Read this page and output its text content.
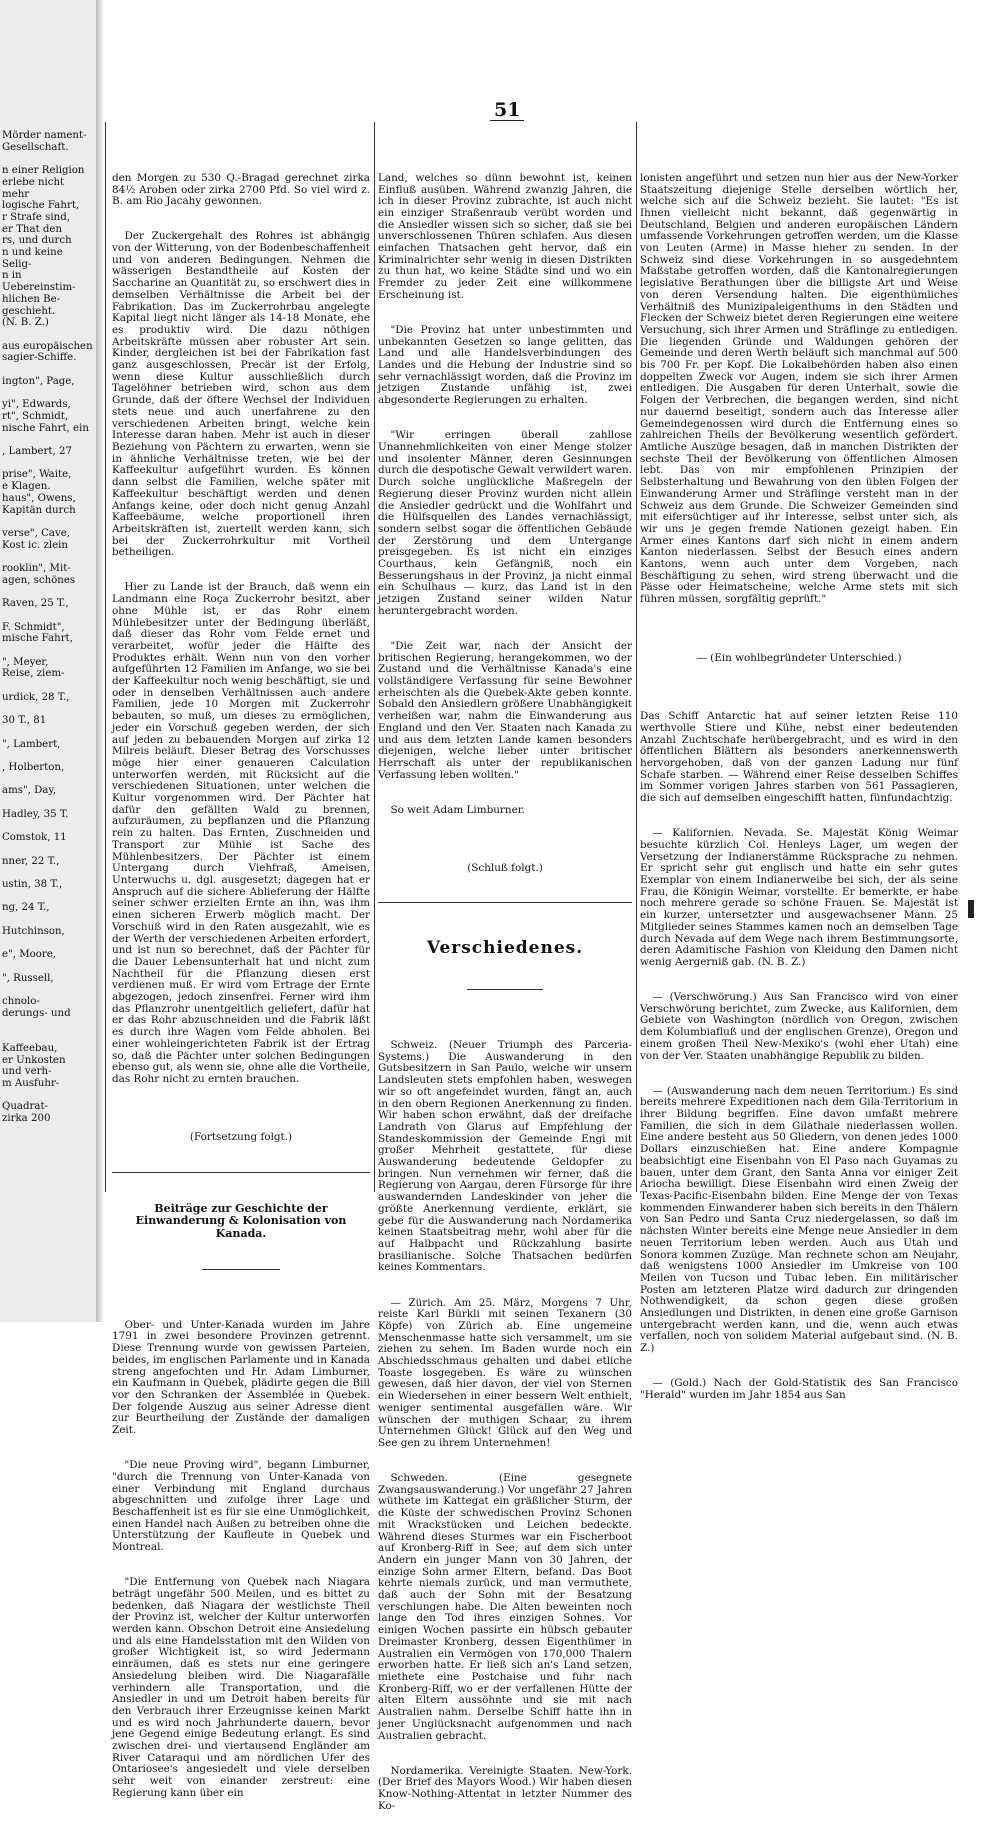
51

Mörder nament-

Gesellschaft.

n einer Religion

erlebe nicht mehr

logische Fahrt,

r Strafe sind,

er That den

rs, und durch

n und keine Selig-

n in Uebereinstim-

hlichen Be-

geschieht.

(N. B. Z.)

aus europäischen

sagier-Schiffe.

ington", Page,

yi", Edwards,

rt", Schmidt,

nische Fahrt, ein

, Lambert, 27

prise", Waite,

e Klagen.

haus", Owens,

Kapitän durch

verse", Cave,

Kost ic. zlein

rooklin", Mit-

agen, schönes

Raven, 25 T.,

F. Schmidt",

mische Fahrt,

", Meyer,

Reise, ziem-

urdick, 28 T.,

30 T., 81

", Lambert,

, Holberton,

ams", Day,

Hadley, 35 T.

Comstok, 11

nner, 22 T.,

ustin, 38 T.,

ng, 24 T.,

Hutchinson,

e", Moore,

", Russell,

chnolo-

derungs- und

Kaffeebau,

er Unkosten

und verh-

m Ausfuhr-

Quadrat-

zirka 200

den Morgen zu 530 Q.-Bragad gerechnet zirka 84½ Aroben oder zirka 2700 Pfd. So viel wird z. B. am Rio Jacahy gewonnen.

Der Zuckergehalt des Rohres ist abhängig von der Witterung, von der Bodenbeschaffenheit und von anderen Bedingungen. Nehmen die wässerigen Bestandtheile auf Kosten der Saccharine an Quantität zu, so erschwert dies in demselben Verhältnisse die Arbeit bei der Fabrikation. Das im Zuckerrohrbau angelegte Kapital liegt nicht länger als 14-18 Monate, ehe es produktiv wird. Die dazu nöthigen Arbeitskräfte müssen aber robuster Art sein. Kinder, dergleichen ist bei der Fabrikation fast ganz ausgeschlossen, Precär ist der Erfolg, wenn diese Kultur ausschließlich durch Tagelöhner betrieben wird, schon aus dem Grunde, daß der öftere Wechsel der Individuen stets neue und auch unerfahrene zu den verschiedenen Arbeiten bringt, welche kein Interesse daran haben. Mehr ist auch in dieser Beziehung von Pächtern zu erwarten, wenn sie in ähnliche Verhältnisse treten, wie bei der Kaffeekultur aufgeführt wurden. Es können dann selbst die Familien, welche später mit Kaffeekultur beschäftigt werden und denen Anfangs keine, oder doch nicht genug Anzahl Kaffeebäume, welche proportionell ihren Arbeitskräften ist, zuerteilt werden kann, sich bei der Zuckerrohrkultur mit Vortheil betheiligen.

Hier zu Lande ist der Brauch, daß wenn ein Landmann eine Roça Zuckerrohr besitzt, aber ohne Mühle ist, er das Rohr einem Mühlebesitzer unter der Bedingung überläßt, daß dieser das Rohr vom Felde ernet und verarbeitet, wofür jeder die Hälfte des Produktes erhält. Wenn nun von den vorher aufgeführten 12 Familien im Anfange, wo sie bei der Kaffeekultur noch wenig beschäftigt, sie und oder in denselben Verhältnissen auch andere Familien, jede 10 Morgen mit Zuckerrohr bebauten, so muß, um dieses zu ermöglichen, jeder ein Vorschuß gegeben werden, der sich auf jeden zu bebauenden Morgen auf zirka 12 Milreis beläuft. Dieser Betrag des Vorschusses möge hier einer genaueren Calculation unterworfen werden, mit Rücksicht auf die verschiedenen Situationen, unter welchen die Kultur vorgenommen wird. Der Pächter hat dafür den gefällten Wald zu brennen, aufzuräumen, zu bepflanzen und die Pflanzung rein zu halten. Das Ernten, Zuschneiden und Transport zur Mühle ist Sache des Mühlenbesitzers. Der Pächter ist einem Untergang durch Viehfraß, Ameisen, Unterwuchs u. dgl. ausgesetzt; dagegen hat er Anspruch auf die sichere Ablieferung der Hälfte seiner schwer erzielten Ernte an ihn, was ihm einen sicheren Erwerb möglich macht. Der Vorschuß wird in den Raten ausgezahlt, wie es der Werth der verschiedenen Arbeiten erfordert, und ist nun so berechnet, daß der Pächter für die Dauer Lebensunterhalt hat und nicht zum Nachtheil für die Pflanzung diesen erst verdienen muß. Er wird vom Ertrage der Ernte abgezogen, jedoch zinsenfrei. Ferner wird ihm das Pflanzrohr unentgeltlich geliefert, dafür hat er das Rohr abzuschneiden und die Fabrik läßt es durch ihre Wagen vom Felde abholen. Bei einer wohleingerichteten Fabrik ist der Ertrag so, daß die Pächter unter solchen Bedingungen ebenso gut, als wenn sie, ohne alle die Vortheile, das Rohr nicht zu ernten brauchen.

(Fortsetzung folgt.)

Beiträge zur Geschichte der Einwanderung & Kolonisation von Kanada.

Ober- und Unter-Kanada wurden im Jahre 1791 in zwei besondere Provinzen getrennt. Diese Trennung wurde von gewissen Parteien, beides, im englischen Parlamente und in Kanada streng angefochten und Hr. Adam Limburner, ein Kaufmann in Quebek, plädirte gegen die Bill vor den Schranken der Assemblée in Quebek. Der folgende Auszug aus seiner Adresse dient zur Beurtheilung der Zustände der damaligen Zeit.

"Die neue Proving wird", begann Limburner, "durch die Trennung von Unter-Kanada von einer Verbindung mit England durchaus abgeschnitten und zufolge ihrer Lage und Beschaffenheit ist es für sie eine Unmöglichkeit, einen Handel nach Außen zu betreiben ohne die Unterstützung der Kaufleute in Quebek und Montreal.

"Die Entfernung von Quebek nach Niagara beträgt ungefähr 500 Meilen, und es bittet zu bedenken, daß Niagara der westlichste Theil der Provinz ist, welcher der Kultur unterworfen werden kann. Obschon Detroit eine Ansiedelung und als eine Handelsstation mit den Wilden von großer Wichtigkeit ist, so wird Jedermann einräumen, daß es stets nur eine geringere Ansiedelung bleiben wird. Die Niagarafälle verhindern alle Transportation, und die Ansiedler in und um Detroit haben bereits für den Verbrauch ihrer Erzeugnisse keinen Markt und es wird noch Jahrhunderte dauern, bevor jene Gegend einige Bedeutung erlangt. Es sind zwischen drei- und viertausend Engländer am River Cataraqui und am nördlichen Ufer des Ontariosee's angesiedelt und viele derselben sehr weit von einander zerstreut: eine Regierung kann über ein

Land, welches so dünn bewohnt ist, keinen Einfluß ausüben. Während zwanzig Jahren, die ich in dieser Provinz zubrachte, ist auch nicht ein einziger Straßenraub verübt worden und die Ansiedler wissen sich so sicher, daß sie bei unverschlossenen Thüren schlafen. Aus diesen einfachen Thatsachen geht hervor, daß ein Kriminalrichter sehr wenig in diesen Distrikten zu thun hat, wo keine Städte sind und wo ein Fremder zu jeder Zeit eine willkommene Erscheinung ist.

"Die Provinz hat unter unbestimmten und unbekannten Gesetzen so lange gelitten, das Land und alle Handelsverbindungen des Landes und die Hebung der Industrie sind so sehr vernachlässigt worden, daß die Provinz im jetzigen Zustande unfähig ist, zwei abgesonderte Regierungen zu erhalten.

"Wir erringen überall zahllose Unannehmlichkeiten von einer Menge stolzer und insolenter Männer, deren Gesinnungen durch die despotische Gewalt verwildert waren. Durch solche unglückliche Maßregeln der Regierung dieser Provinz wurden nicht allein die Ansiedler gedrückt und die Wohlfahrt und die Hülfsquellen des Landes vernachlässigt, sondern selbst sogar die öffentlichen Gebäude der Zerstörung und dem Untergange preisgegeben. Es ist nicht ein einziges Courthaus, kein Gefängniß, noch ein Besserungshaus in der Provinz, ja nicht einmal ein Schulhaus — kurz, das Land ist in den jetzigen Zustand seiner wilden Natur heruntergebracht worden.

"Die Zeit war, nach der Ansicht der britischen Regierung, herangekommen, wo der Zustand und die Verhältnisse Kanada's eine vollständigere Verfassung für seine Bewohner erheischten als die Quebek-Akte geben konnte. Sobald den Ansiedlern größere Unabhängigkeit verheißen war, nahm die Einwanderung aus England und den Ver. Staaten nach Kanada zu und aus dem letzten Lande kamen besonders diejenigen, welche lieber unter britischer Herrschaft als unter der republikanischen Verfassung leben wollten."

So weit Adam Limburner.

(Schluß folgt.)

Verschiedenes.

Schweiz. (Neuer Triumph des Parceria-Systems.) Die Auswanderung in den Gutsbesitzern in San Paulo, welche wir unsern Landsleuten stets empfohlen haben, weswegen wir so oft angefeindet wurden, fängt an, auch in den obern Regionen Anerkennung zu finden. Wir haben schon erwähnt, daß der dreifache Landrath von Glarus auf Empfehlung der Standeskommission der Gemeinde Engi mit großer Mehrheit gestattete, für diese Auswanderung bedeutende Geldopfer zu bringen. Nun vernehmen wir ferner, daß die Regierung von Aargau, deren Fürsorge für ihre auswandernden Landeskinder von jeher die größte Anerkennung verdiente, erklärt, sie gebe für die Auswanderung nach Nordamerika keinen Staatsbeitrag mehr, wohl aber für die auf Halbpacht und Rückzahlung basirte brasilianische. Solche Thatsachen bedürfen keines Kommentars.

— Zürich. Am 25. März, Morgens 7 Uhr, reiste Karl Bürkli mit seinen Texanern (30 Köpfe) von Zürich ab. Eine ungemeine Menschenmasse hatte sich versammelt, um sie ziehen zu sehen. Im Baden wurde noch ein Abschiedsschmaus gehalten und dabei etliche Toaste losgegeben. Es wäre zu wünschen gewesen, daß hier davon, der viel von Sternen ein Wiedersehen in einer bessern Welt enthielt, weniger sentimental ausgefallen wäre. Wir wünschen der muthigen Schaar, zu ihrem Unternehmen Glück! Glück auf den Weg und See gen zu ihrem Unternehmen!

Schweden. (Eine gesegnete Zwangsauswanderung.) Vor ungefähr 27 Jahren wüthete im Kattegat ein gräßlicher Sturm, der die Küste der schwedischen Provinz Schonen mit Wrackstücken und Leichen bedeckte. Während dieses Sturmes war ein Fischerboot auf Kronberg-Riff in See, auf dem sich unter Andern ein junger Mann von 30 Jahren, der einzige Sohn armer Eltern, befand. Das Boot kehrte niemals zurück, und man vermuthete, daß auch der Sohn mit der Besatzung verschlungen habe. Die Alten beweinten noch lange den Tod ihres einzigen Sohnes. Vor einigen Wochen passirte ein hübsch gebauter Dreimaster Kronberg, dessen Eigenthümer in Australien ein Vermögen von 170,000 Thalern erworben hatte. Er ließ sich an's Land setzen, miethete eine Postchaise und fuhr nach Kronberg-Riff, wo er der verfallenen Hütte der alten Eltern aussöhnte und sie mit nach Australien nahm. Derselbe Schiff hatte ihn in jener Unglücksnacht aufgenommen und nach Australien gebracht.

Nordamerika. Vereinigte Staaten. New-York. (Der Brief des Mayors Wood.) Wir haben diesen Know-Nothing-Attentat in letzter Nummer des Ko-

lonisten angeführt und setzen nun hier aus der New-Yorker Staatszeitung diejenige Stelle derselben wörtlich her, welche sich auf die Schweiz bezieht. Sie lautet: "Es ist Ihnen vielleicht nicht bekannt, daß gegenwärtig in Deutschland, Belgien und anderen europäischen Ländern umfassende Vorkehrungen getroffen werden, um die Klasse von Leuten (Arme) in Masse hieher zu senden. In der Schweiz sind diese Vorkehrungen in so ausgedehntem Maßstabe getroffen worden, daß die Kantonalregierungen legislative Berathungen über die billigste Art und Weise von deren Versendung halten. Die eigenthümliches Verhältniß des Munizipaleigenthums in den Städten und Flecken der Schweiz bietet deren Regierungen eine weitere Versuchung, sich ihrer Armen und Sträflinge zu entledigen. Die liegenden Gründe und Waldungen gehören der Gemeinde und deren Werth beläuft sich manchmal auf 500 bis 700 Fr. per Kopf. Die Lokalbehörden haben also einen doppelten Zweck vor Augen, indem sie sich ihrer Armen entledigen. Die Ausgaben für deren Unterhalt, sowie die Folgen der Verbrechen, die begangen werden, sind nicht nur dauernd beseitigt, sondern auch das Interesse aller Gemeindegenossen wird durch die Entfernung eines so zahlreichen Theils der Bevölkerung wesentlich gefördert. Amtliche Auszüge besagen, daß in manchen Distrikten der sechste Theil der Bevölkerung von öffentlichen Almosen lebt. Das von mir empfohlenen Prinzipien der Selbsterhaltung und Bewahrung von den üblen Folgen der Einwanderung Armer und Sträflinge versteht man in der Schweiz aus dem Grunde. Die Schweizer Gemeinden sind mit eifersüchtiger auf ihr Interesse, selbst unter sich, als wir uns je gegen fremde Nationen gezeigt haben. Ein Armer eines Kantons darf sich nicht in einem andern Kanton niederlassen. Selbst der Besuch eines andern Kantons, wenn auch unter dem Vorgeben, nach Beschäftigung zu sehen, wird streng überwacht und die Pässe oder Heimatscheine, welche Arme stets mit sich führen müssen, sorgfältig geprüft."

— (Ein wohlbegründeter Unterschied.)

Das Schiff Antarctic hat auf seiner letzten Reise 110 werthvolle Stiere und Kühe, nebst einer bedeutenden Anzahl Zuchtschafe herübergebracht, und es wird in den öffentlichen Blättern als besonders anerkennenswerth hervorgehoben, daß von der ganzen Ladung nur fünf Schafe starben. — Während einer Reise desselben Schiffes im Sommer vorigen Jahres starben von 561 Passagieren, die sich auf demselben eingeschifft hatten, fünfundachtzig.

— Kalifornien. Nevada. Se. Majestät König Weimar besuchte kürzlich Col. Henleys Lager, um wegen der Versetzung der Indianerstämme Rücksprache zu nehmen. Er spricht sehr gut englisch und hatte ein sehr gutes Exemplar von einem Indianerweibe bei sich, der als seine Frau, die Königin Weimar, vorstellte. Er bemerkte, er habe noch mehrere gerade so schöne Frauen. Se. Majestät ist ein kurzer, untersetzter und ausgewachsener Mann. 25 Mitglieder seines Stammes kamen noch an demselben Tage durch Nevada auf dem Wege nach ihrem Bestimmungsorte, deren Adamitische Fashion von Kleidung den Damen nicht wenig Aergerniß gab. (N. B. Z.)

— (Verschwörung.) Aus San Francisco wird von einer Verschwörung berichtet, zum Zwecke, aus Kalifornien, dem Gebiete von Washington (nördlich von Oregon, zwischen dem Kolumbiafluß und der englischen Grenze), Oregon und einem großen Theil New-Mexiko's (wohl eher Utah) eine von der Ver. Staaten unabhängige Republik zu bilden.

— (Auswanderung nach dem neuen Territorium.) Es sind bereits mehrere Expeditionen nach dem Gila-Territorium in ihrer Bildung begriffen. Eine davon umfaßt mehrere Familien, die sich in dem Gilathale niederlassen wollen. Eine andere besteht aus 50 Gliedern, von denen jedes 1000 Dollars einzuschießen hat. Eine andere Kompagnie beabsichtigt eine Eisenbahn von El Paso nach Guyamas zu bauen, unter dem Grant, den Santa Anna vor einiger Zeit Ariocha bewilligt. Diese Eisenbahn wird einen Zweig der Texas-Pacific-Eisenbahn bilden. Eine Menge der von Texas kommenden Einwanderer haben sich bereits in den Thälern von San Pedro und Santa Cruz niedergelassen, so daß im nächsten Winter bereits eine Menge neue Ansiedler in dem neuen Territorium leben werden. Auch aus Utah und Sonora kommen Zuzüge. Man rechnete schon am Neujahr, daß wenigstens 1000 Ansiedler im Umkreise von 100 Meilen von Tucson und Tubac leben. Ein militärischer Posten am letzteren Platze wird dadurch zur dringenden Nothwendigkeit, da schon gegen diese großen Ansiedlungen und Distrikten, in denen eine große Garnison untergebracht werden kann, und die, wenn auch etwas verfallen, noch von solidem Material aufgebaut sind. (N. B. Z.)

— (Gold.) Nach der Gold-Statistik des San Francisco "Herald" wurden im Jahr 1854 aus San
